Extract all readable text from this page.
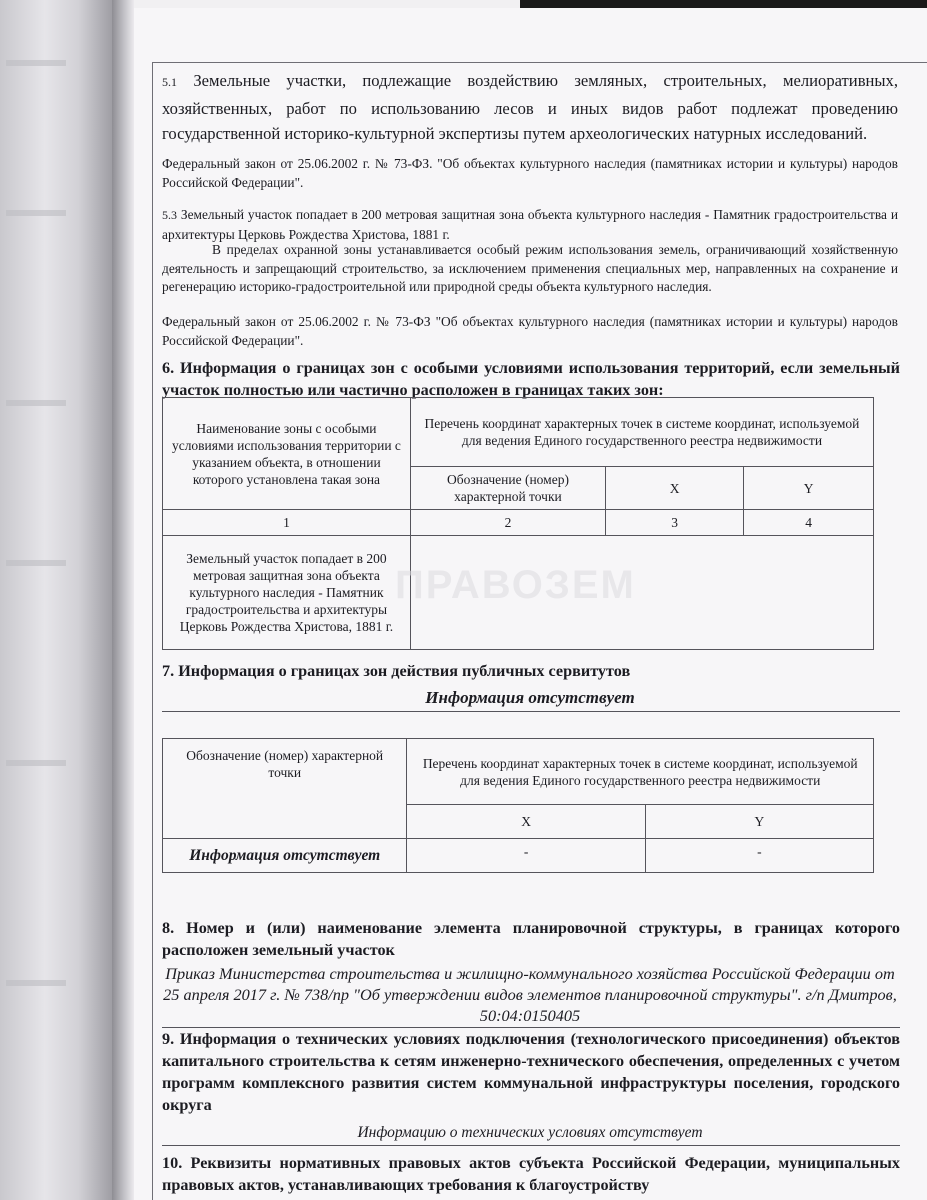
5.1 Земельные участки, подлежащие воздействию земляных, строительных, мелиоративных, хозяйственных, работ по использованию лесов и иных видов работ подлежат проведению государственной историко-культурной экспертизы путем археологических натурных исследований.

Федеральный закон от 25.06.2002 г. № 73-ФЗ. "Об объектах культурного наследия (памятниках истории и культуры) народов Российской Федерации".

5.3 Земельный участок попадает в 200 метровая защитная зона объекта культурного наследия - Памятник градостроительства и архитектуры Церковь Рождества Христова, 1881 г.

В пределах охранной зоны устанавливается особый режим использования земель, ограничивающий хозяйственную деятельность и запрещающий строительство, за исключением применения специальных мер, направленных на сохранение и регенерацию историко-градостроительной или природной среды объекта культурного наследия.

Федеральный закон от 25.06.2002 г. № 73-ФЗ "Об объектах культурного наследия (памятниках истории и культуры) народов Российской Федерации".

6. Информация о границах зон с особыми условиями использования территорий, если земельный участок полностью или частично расположен в границах таких зон:

Наименование зоны с особыми условиями использования территории с указанием объекта, в отношении которого установлена такая зона	Перечень координат характерных точек в системе координат, используемой для ведения Единого государственного реестра недвижимости		
	Обозначение (номер) характерной точки	X	Y
1	2	3	4
Земельный участок попадает в 200 метровая защитная зона объекта культурного наследия - Памятник градостроительства и архитектуры Церковь Рождества Христова, 1881 г.			
ПРАВОЗЕМ

7. Информация о границах зон действия публичных сервитутов

Информация отсутствует

Обозначение (номер) характерной точки	Перечень координат характерных точек в системе координат, используемой для ведения Единого государственного реестра недвижимости	
	X	Y
Информация отсутствует	-	-

8. Номер и (или) наименование элемента планировочной структуры, в границах которого расположен земельный участок

Приказ Министерства строительства и жилищно-коммунального хозяйства Российской Федерации от 25 апреля 2017 г. № 738/пр "Об утверждении видов элементов планировочной структуры". г/п Дмитров, 50:04:0150405

9. Информация о технических условиях подключения (технологического присоединения) объектов капитального строительства к сетям инженерно-технического обеспечения, определенных с учетом программ комплексного развития систем коммунальной инфраструктуры поселения, городского округа

Информацию о технических условиях отсутствует

10. Реквизиты нормативных правовых актов субъекта Российской Федерации, муниципальных правовых актов, устанавливающих требования к благоустройству
